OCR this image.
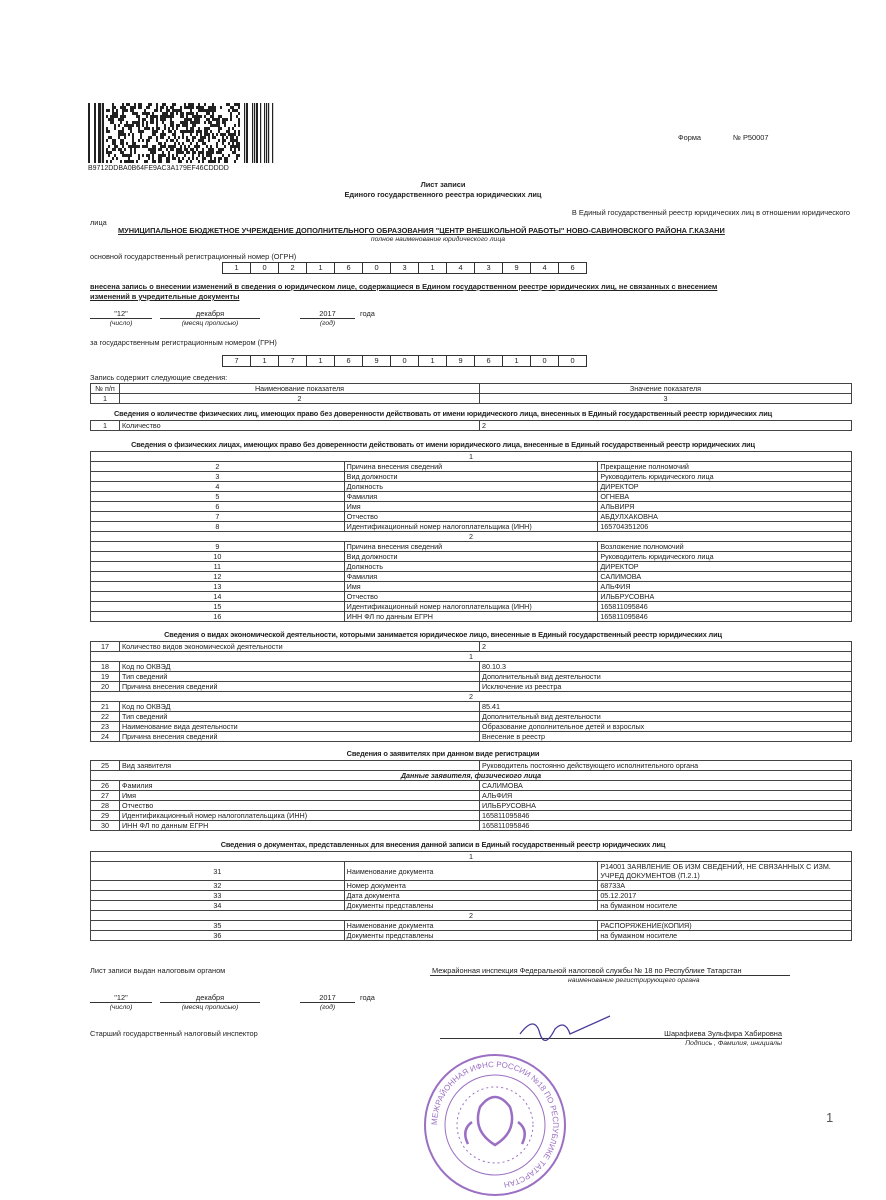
B9712DDBA0B64FE9AC3A179EF46CDDDD
Форма	№ Р50007
Лист записи
Единого государственного реестра юридических лиц
В Единый государственный реестр юридических лиц в отношении юридического
лица
МУНИЦИПАЛЬНОЕ БЮДЖЕТНОЕ УЧРЕЖДЕНИЕ ДОПОЛНИТЕЛЬНОГО ОБРАЗОВАНИЯ "ЦЕНТР ВНЕШКОЛЬНОЙ РАБОТЫ" НОВО-САВИНОВСКОГО РАЙОНА Г.КАЗАНИ
полное наименование юридического лица
основной государственный регистрационный номер (ОГРН)
1	0	2	1	6	0	3	1	4	3	9	4	6
внесена запись о внесении изменений в сведения о юридическом лице, содержащиеся в Едином государственном реестре юридических лиц, не связанных с внесением
изменений в учредительные документы
"12"
(число)
декабря
(месяц прописью)
2017
(год)
года
за государственным регистрационным номером (ГРН)
7	1	7	1	6	9	0	1	9	6	1	0	0
Запись содержит следующие сведения:
№ п/п	Наименование показателя	Значение показателя
1	2	3
Сведения о количестве физических лиц, имеющих право без доверенности действовать от имени юридического лица, внесенных в Единый государственный реестр юридических лиц
1	Количество	2
Сведения о физических лицах, имеющих право без доверенности действовать от имени юридического лица, внесенные в Единый государственный реестр юридических лиц
1		
2	Причина внесения сведений	Прекращение полномочий
3	Вид должности	Руководитель юридического лица
4	Должность	ДИРЕКТОР
5	Фамилия	ОГНЕВА
6	Имя	АЛЬВИРЯ
7	Отчество	АБДУЛХАКОВНА
8	Идентификационный номер налогоплательщика (ИНН)	165704351206
2		
9	Причина внесения сведений	Возложение полномочий
10	Вид должности	Руководитель юридического лица
11	Должность	ДИРЕКТОР
12	Фамилия	САЛИМОВА
13	Имя	АЛЬФИЯ
14	Отчество	ИЛЬБРУСОВНА
15	Идентификационный номер налогоплательщика (ИНН)	165811095846
16	ИНН ФЛ по данным ЕГРН	165811095846
Сведения о видах экономической деятельности, которыми занимается юридическое лицо, внесенные в Единый государственный реестр юридических лиц
17	Количество видов экономической деятельности	2
1		
18	Код по ОКВЭД	80.10.3
19	Тип сведений	Дополнительный вид деятельности
20	Причина внесения сведений	Исключение из реестра
2		
21	Код по ОКВЭД	85.41
22	Тип сведений	Дополнительный вид деятельности
23	Наименование вида деятельности	Образование дополнительное детей и взрослых
24	Причина внесения сведений	Внесение в реестр
Сведения о заявителях при данном виде регистрации
25	Вид заявителя	Руководитель постоянно действующего исполнительного органа
Данные заявителя, физического лица		
26	Фамилия	САЛИМОВА
27	Имя	АЛЬФИЯ
28	Отчество	ИЛЬБРУСОВНА
29	Идентификационный номер налогоплательщика (ИНН)	165811095846
30	ИНН ФЛ по данным ЕГРН	165811095846
Сведения о документах, представленных для внесения данной записи в Единый государственный реестр юридических лиц
1		
31	Наименование документа	Р14001 ЗАЯВЛЕНИЕ ОБ ИЗМ СВЕДЕНИЙ, НЕ СВЯЗАННЫХ С ИЗМ. УЧРЕД ДОКУМЕНТОВ (П.2.1)
32	Номер документа	68733А
33	Дата документа	05.12.2017
34	Документы представлены	на бумажном носителе
2		
35	Наименование документа	РАСПОРЯЖЕНИЕ(КОПИЯ)
36	Документы представлены	на бумажном носителе
Лист записи выдан налоговым органом	Межрайонная инспекция Федеральной налоговой службы № 18 по Республике Татарстан
наименование регистрирующего органа
"12"
(число)
декабря
(месяц прописью)
2017
(год)
года
Старший государственный налоговый инспектор	Шарафиева Зульфира Хабировна
Подпись , Фамилия, инициалы
МЕЖРАЙОННАЯ ИФНС РОССИИ №18 ПО РЕСПУБЛИКЕ ТАТАРСТАН
1
